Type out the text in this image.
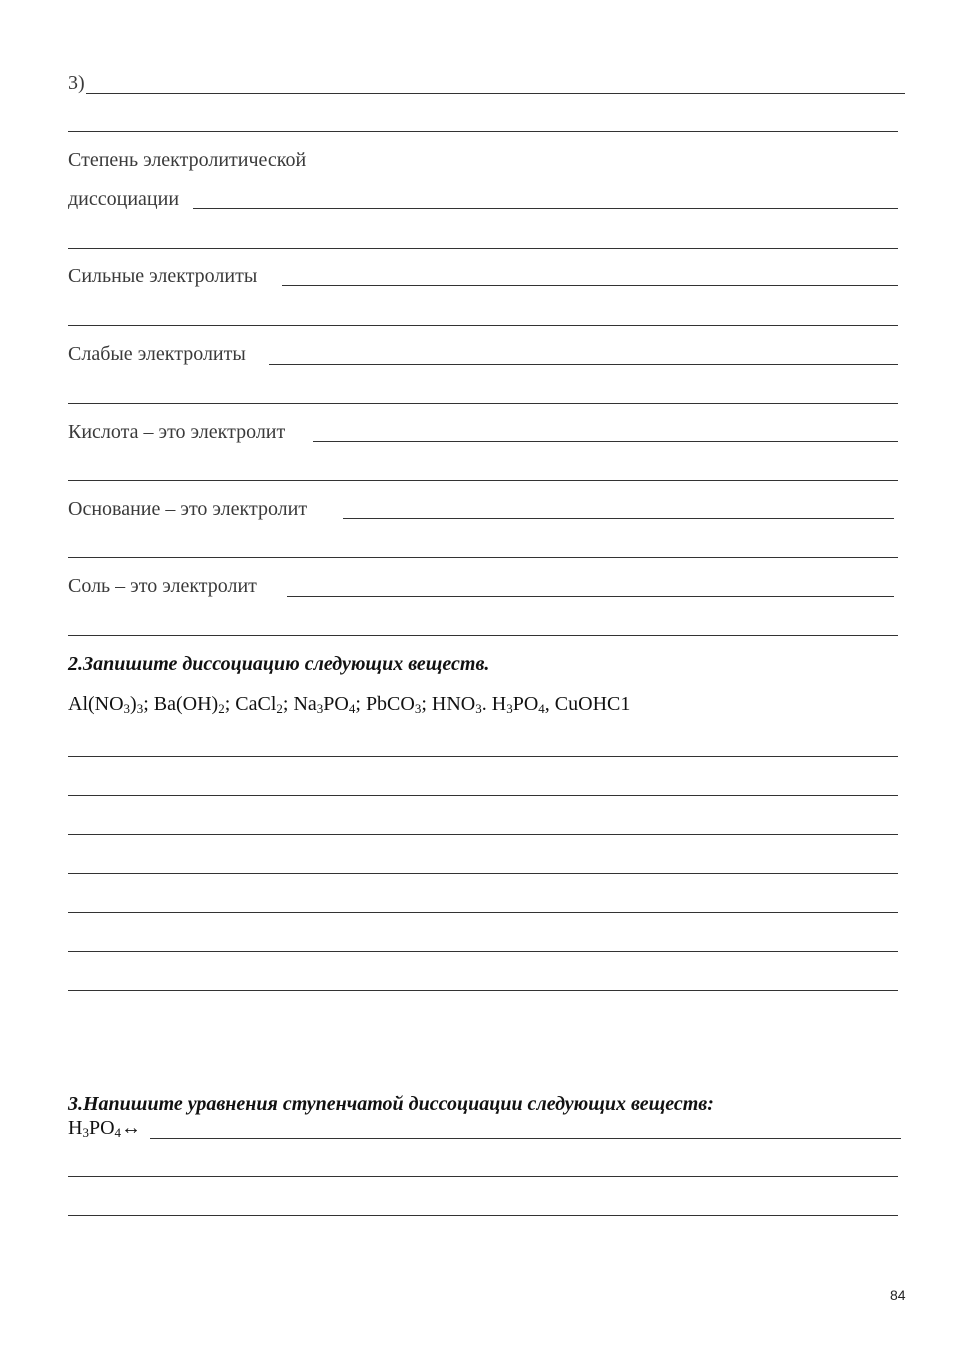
3)
Степень электролитической
диссоциации
Сильные электролиты
Слабые электролиты
Кислота – это электролит
Основание – это электролит
Соль – это электролит
2.Запишите диссоциацию следующих веществ.
$Al(NO_3)_3$; $Ba(OH)_2$; CaCl$_2$; $Na_3PO_4$; PbCO$_3$; $HNO_3$. $H_3PO_4$, CuOHC1
3.Напишите уравнения ступенчатой диссоциации следующих веществ:
$H_3PO_4\leftrightarrow$
84
